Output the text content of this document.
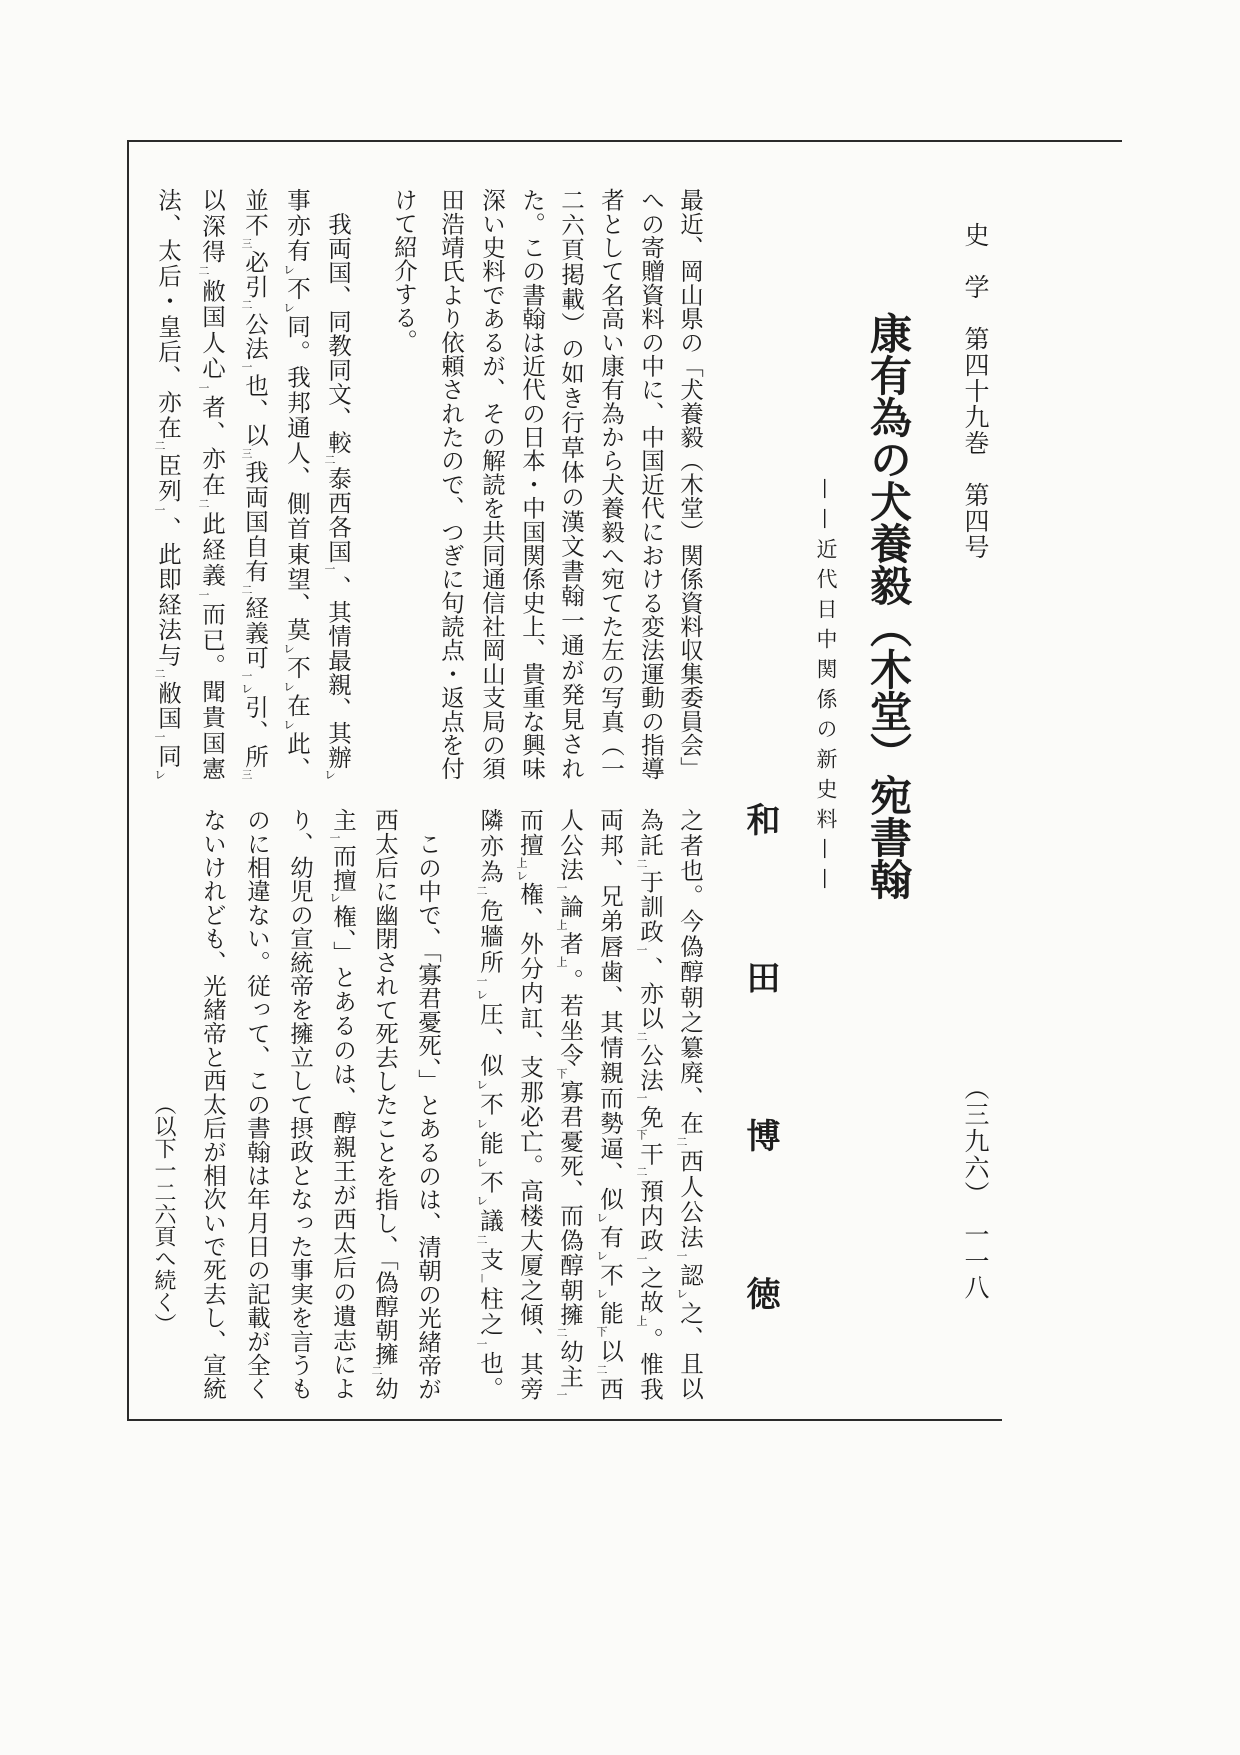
史　学　第四十九巻　第四号
（三九六）　一一八
康有為の犬養毅（木堂）宛書翰
——近代日中関係の新史料——
和田博徳
最近、岡山県の「犬養毅（木堂）関係資料収集委員会」
への寄贈資料の中に、中国近代における変法運動の指導
者として名高い康有為から犬養毅へ宛てた左の写真（一
二六頁掲載）の如き行草体の漢文書翰一通が発見され
た。この書翰は近代の日本・中国関係史上、貴重な興味
深い史料であるが、その解読を共同通信社岡山支局の須
田浩靖氏より依頼されたので、つぎに句読点・返点を付
けて紹介する。
我両国、同教同文、較㆓泰西各国㆒、其情最親、其辦㆑
事亦有㆑不㆑同。我邦通人、側首東望、莫㆑不㆑在㆑此、
並不㆔必引㆓公法㆒也、以㆔我両国自有㆓経義可㆒㆑引、所㆔
以深得㆓敝国人心㆒者、亦在㆓此経義㆒而已。聞貴国憲
法、太后・皇后、亦在㆓臣列㆒、此即経法与㆓敝国㆒同㆑
之者也。今偽醇朝之簒廃、在㆓西人公法㆒認㆑之、且以
為託㆓于訓政㆒、亦以㆓公法㆒免㆘干㆓預内政㆒之故㆖。惟我
両邦、兄弟唇歯、其情親而勢逼、似㆑有㆑不㆑能㆘以㆓西
人公法㆒論㆖者㆖。若坐令㆘寡君憂死、而偽醇朝擁㆓幼主㆒
而擅㆖㆑権、外分内訌、支那必亡。高楼大厦之傾、其旁
隣亦為㆓危牆所㆒㆑圧、似㆑不㆑能㆑不㆑議㆓支㆐柱之㆒也。
この中で、「寡君憂死、」とあるのは、清朝の光緒帝が
西太后に幽閉されて死去したことを指し、「偽醇朝擁㆓幼
主㆒而擅㆑権、」とあるのは、醇親王が西太后の遺志によ
り、幼児の宣統帝を擁立して摂政となった事実を言うも
のに相違ない。従って、この書翰は年月日の記載が全く
ないけれども、光緒帝と西太后が相次いで死去し、宣統
（以下一二六頁へ続く）
